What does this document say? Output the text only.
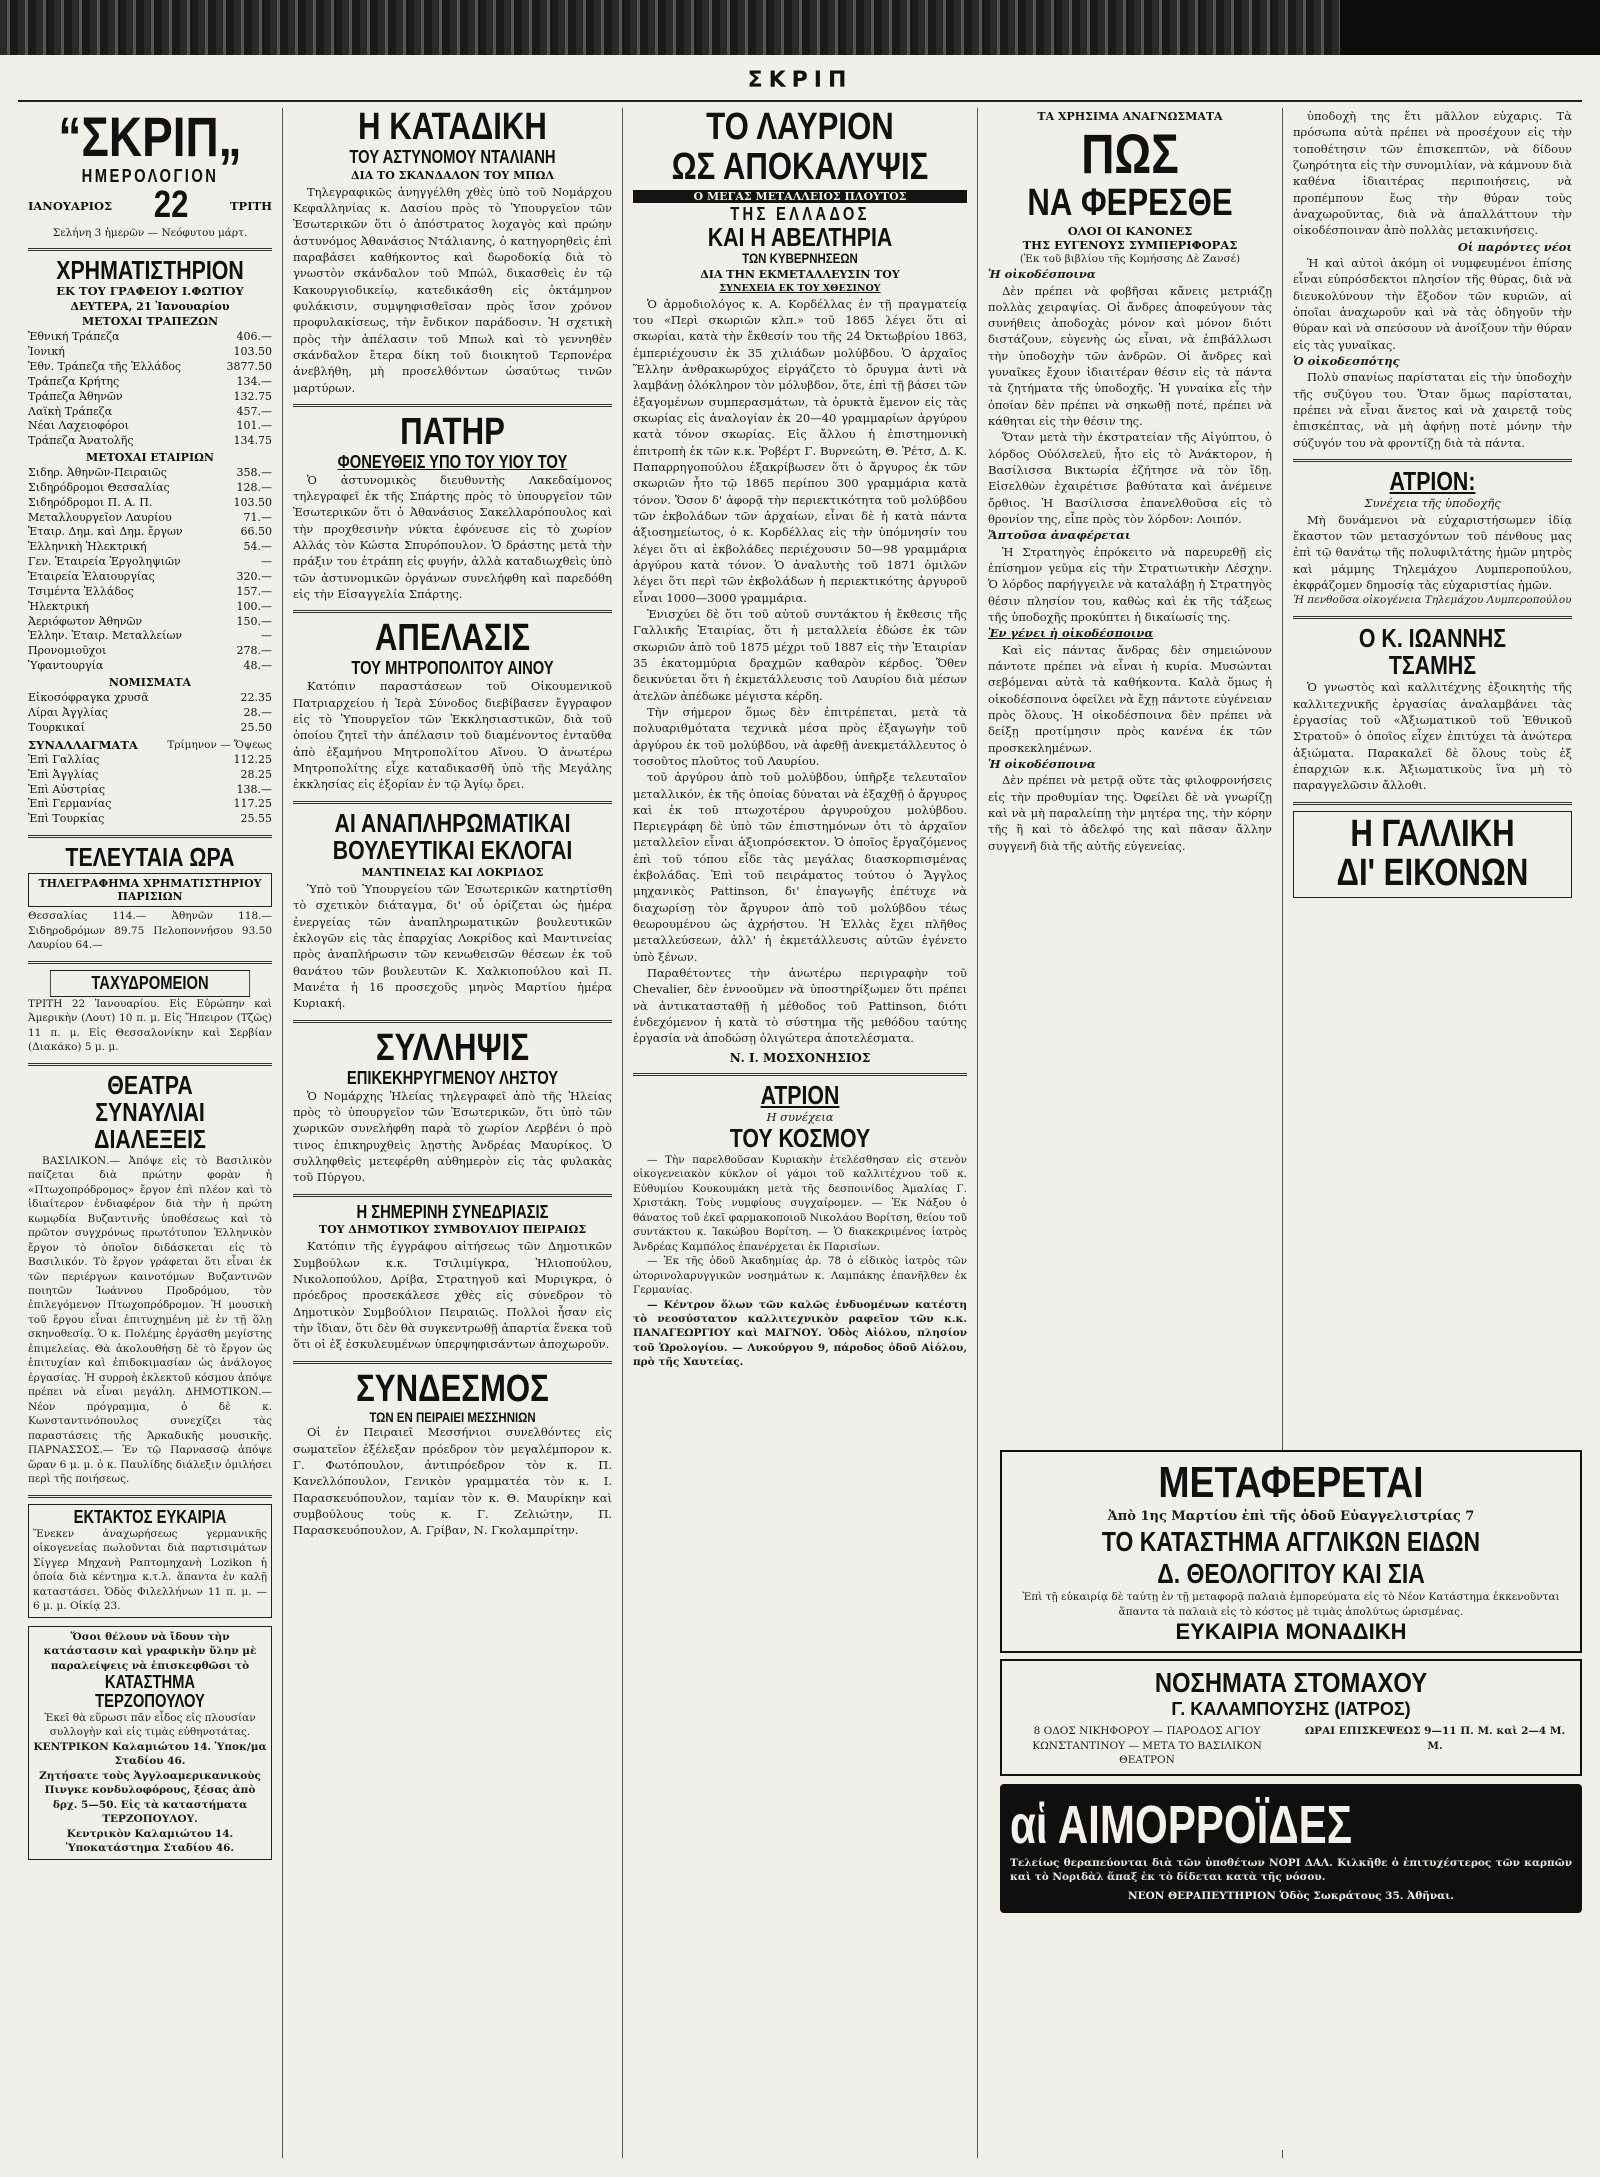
ΣΚΡΙΠ
“ΣΚΡΙΠ„
ΗΜΕΡΟΛΟΓΙΟΝ
ΙΑΝΟΥΑΡΙΟΣ 22	ΤΡΙΤΗ
Σελήνη 3 ἡμερῶν — Νεόφυτου μάρτ.
ΧΡΗΜΑΤΙΣΤΗΡΙΟΝ
ΕΚ ΤΟΥ ΓΡΑΦΕΙΟΥ Ι.ΦΩΤΙΟΥ
ΔΕΥΤΕΡΑ, 21 Ἰανουαρίου
ΜΕΤΟΧΑΙ ΤΡΑΠΕΖΩΝ
Ἐθνική Τράπεζα	406.—
Ἰονική	103.50
Ἐθν. Τράπεζα τῆς Ἑλλάδος	3877.50
Τράπεζα Κρήτης	134.—
Τράπεζα Ἀθηνῶν	132.75
Λαϊκὴ Τράπεζα	457.—
Νέαι Λαχειοφόροι	101.—
Τράπεζα Ἀνατολῆς	134.75
ΜΕΤΟΧΑΙ ΕΤΑΙΡΙΩΝ
Σιδηρ. Ἀθηνῶν-Πειραιῶς	358.—
Σιδηρόδρομοι Θεσσαλίας	128.—
Σιδηρόδρομοι Π. Α. Π.	103.50
Μεταλλουργεῖον Λαυρίου	71.—
Ἑταιρ. Δημ. καὶ Δημ. ἔργων	66.50
Ἑλληνικὴ Ἠλεκτρική	54.—
Γεν. Ἑταιρεία Ἐργοληψιῶν	—
Ἑταιρεία Ἐλαιουργίας	320.—
Τσιμέντα Ἑλλάδος	157.—
Ἠλεκτρική	100.—
Ἀεριόφωτον Ἀθηνῶν	150.—
Ἑλλην. Ἑταιρ. Μεταλλείων	—
Προνομιοῦχοι	278.—
Ὑφαντουργία	48.—
ΝΟΜΙΣΜΑΤΑ
Εἰκοσόφραγκα χρυσᾶ	22.35
Λίραι Ἀγγλίας	28.—
Τουρκικαί	25.50
ΣΥΝΑΛΛΑΓΜΑΤΑ	Τρίμηνον — Ὄψεως
Ἐπὶ Γαλλίας	112.25
Ἐπὶ Ἀγγλίας	28.25
Ἐπὶ Αὐστρίας	138.—
Ἐπὶ Γερμανίας	117.25
Ἐπὶ Τουρκίας	25.55
ΤΕΛΕΥΤΑΙΑ ΩΡΑ
ΤΗΛΕΓΡΑΦΗΜΑ ΧΡΗΜΑΤΙΣΤΗΡΙΟΥ ΠΑΡΙΣΙΩΝ
Θεσσαλίας 114.— Ἀθηνῶν 118.— Σιδηροδρόμων 89.75 Πελοποννήσου 93.50 Λαυρίου 64.—
ΤΑΧΥΔΡΟΜΕΙΟΝ
ΤΡΙΤΗ 22 Ἰανουαρίου. Εἰς Εὐρώπην καὶ Ἀμερικὴν (Λουτ) 10 π. μ. Εἰς Ἤπειρον (Τζῶς) 11 π. μ. Εἰς Θεσσαλονίκην καὶ Σερβίαν (Διακάκο) 5 μ. μ.
ΘΕΑΤΡΑ
ΣΥΝΑΥΛΙΑΙ
ΔΙΑΛΕΞΕΙΣ
ΒΑΣΙΛΙΚΟΝ.— Ἀπόψε εἰς τὸ Βασιλικὸν παίζεται διὰ πρώτην φορὰν ἡ «Πτωχοπρόδρομος» ἔργον ἐπὶ πλέον καὶ τὸ ἰδιαίτερον ἐνδιαφέρον διὰ τὴν ἡ πρώτη κωμῳδία Βυζαντινῆς ὑποθέσεως καὶ τὸ πρῶτον συγχρόνως πρωτότυπον Ἑλληνικὸν ἔργον τὸ ὁποῖον διδάσκεται εἰς τὸ Βασιλικόν. Τὸ ἔργον γράφεται ὅτι εἶναι ἐκ τῶν περιέργων καινοτόμων Βυζαντινῶν ποιητῶν Ἰωάννου Προδρόμου, τὸν ἐπιλεγόμενον Πτωχοπρόδρομον. Ἡ μουσικὴ τοῦ ἔργου εἶναι ἐπιτυχημένη μὲ ἐν τῇ ὅλῃ σκηνοθεσίᾳ. Ὁ κ. Πολέμης ἐργάσθη μεγίστης ἐπιμελείας. Θὰ ἀκολουθήσῃ δὲ τὸ ἔργον ὡς ἐπιτυχίαν καὶ ἐπιδοκιμασίαν ὡς ἀνάλογος ἐργασίας. Ἡ συρροὴ ἐκλεκτοῦ κόσμου ἀπόψε πρέπει νὰ εἶναι μεγάλη. ΔΗΜΟΤΙΚΟΝ.— Νέον πρόγραμμα, ὁ δὲ κ. Κωνσταντινόπουλος συνεχίζει τὰς παραστάσεις τῆς Ἀρκαδικῆς μουσικῆς. ΠΑΡΝΑΣΣΟΣ.— Ἐν τῷ Παρνασσῷ ἀπόψε ὥραν 6 μ. μ. ὁ κ. Παυλίδης διάλεξιν ὁμιλήσει περὶ τῆς ποιήσεως.
ΕΚΤΑΚΤΟΣ ΕΥΚΑΙΡΙΑ
Ἕνεκεν ἀναχωρήσεως γερμανικῆς οἰκογενείας πωλοῦνται διὰ παρτισιμάτων Σίγγερ Μηχανὴ Ραπτομηχανὴ Lozikon ἡ ὁποία διὰ κέντημα κ.τ.λ. ἅπαντα ἐν καλῇ καταστάσει. Ὁδὸς Φιλελλήνων 11 π. μ. — 6 μ. μ. Οἰκίᾳ 23.
Ὅσοι θέλουν νὰ ἴδουν τὴν κατάστασιν καὶ γραφικὴν ὕλην μὲ παραλείψεις νὰ ἐπισκεφθῶσι τὸ
ΚΑΤΑΣΤΗΜΑ ΤΕΡΖΟΠΟΥΛΟΥ
Ἐκεῖ θὰ εὕρωσι πᾶν εἶδος εἰς πλουσίαν συλλογὴν καὶ εἰς τιμὰς εὐθηνοτάτας.
ΚΕΝΤΡΙΚΟΝ Καλαμιώτου 14. Ὑποκ/μα Σταδίου 46.
Ζητήσατε τοὺς Ἀγγλοαμερικανικοὺς Πινγκε κονδυλοφόρους, ξέσας ἀπὸ δρχ. 5—50. Εἰς τὰ καταστήματα ΤΕΡΖΟΠΟΥΛΟΥ.
Κεντρικὸν Καλαμιώτου 14. Ὑποκατάστημα Σταδίου 46.
Η ΚΑΤΑΔΙΚΗ
ΤΟΥ ΑΣΤΥΝΟΜΟΥ ΝΤΑΛΙΑΝΗ
ΔΙΑ ΤΟ ΣΚΑΝΔΑΛΟΝ ΤΟΥ ΜΠΩΛ
Τηλεγραφικῶς ἀνηγγέλθη χθὲς ὑπὸ τοῦ Νομάρχου Κεφαλληνίας κ. Δασίου πρὸς τὸ Ὑπουργεῖον τῶν Ἐσωτερικῶν ὅτι ὁ ἀπόστρατος λοχαγὸς καὶ πρώην ἀστυνόμος Ἀθανάσιος Ντάλιανης, ὁ κατηγορηθεὶς ἐπὶ παραβάσει καθήκοντος καὶ δωροδοκίᾳ διὰ τὸ γνωστὸν σκάνδαλον τοῦ Μπώλ, δικασθεὶς ἐν τῷ Κακουργιοδικείῳ, κατεδικάσθη εἰς ὀκτάμηνον φυλάκισιν, συμψηφισθεῖσαν πρὸς ἴσον χρόνον προφυλακίσεως, τὴν ἔνδικον παράδοσιν. Ἡ σχετικὴ πρὸς τὴν ἀπέλασιν τοῦ Μπωλ καὶ τὸ γεννηθὲν σκάνδαλον ἔτερα δίκη τοῦ διοικητοῦ Τερπονέρα ἀνεβλήθη, μὴ προσελθόντων ὡσαύτως τινῶν μαρτύρων.
ΠΑΤΗΡ
ΦΟΝΕΥΘΕΙΣ ΥΠΟ ΤΟΥ ΥΙΟΥ ΤΟΥ
Ὁ ἀστυνομικὸς διευθυντὴς Λακεδαίμονος τηλεγραφεῖ ἐκ τῆς Σπάρτης πρὸς τὸ ὑπουργεῖον τῶν Ἐσωτερικῶν ὅτι ὁ Ἀθανάσιος Σακελλαρόπουλος καὶ τὴν προχθεσινὴν νύκτα ἐφόνευσε εἰς τὸ χωρίον Αλλάς τὸν Κώστα Σπυρόπουλον. Ὁ δράστης μετὰ τὴν πράξιν του ἐτράπη εἰς φυγήν, ἀλλὰ καταδιωχθεὶς ὑπὸ τῶν ἀστυνομικῶν ὀργάνων συνελήφθη καὶ παρεδόθη εἰς τὴν Εἰσαγγελία Σπάρτης.
ΑΠΕΛΑΣΙΣ
ΤΟΥ ΜΗΤΡΟΠΟΛΙΤΟΥ ΑΙΝΟΥ
Κατόπιν παραστάσεων τοῦ Οἰκουμενικοῦ Πατριαρχείου ἡ Ἱερὰ Σύνοδος διεβίβασεν ἔγγραφον εἰς τὸ Ὑπουργεῖον τῶν Ἐκκλησιαστικῶν, διὰ τοῦ ὁποίου ζητεῖ τὴν ἀπέλασιν τοῦ διαμένοντος ἐνταῦθα ἀπὸ ἐξαμήνου Μητροπολίτου Αἴνου. Ὁ ἀνωτέρω Μητροπολίτης εἶχε καταδικασθῆ ὑπὸ τῆς Μεγάλης ἐκκλησίας εἰς ἐξορίαν ἐν τῷ Ἁγίῳ ὄρει.
ΑΙ ΑΝΑΠΛΗΡΩΜΑΤΙΚΑΙ
ΒΟΥΛΕΥΤΙΚΑΙ ΕΚΛΟΓΑΙ
ΜΑΝΤΙΝΕΙΑΣ ΚΑΙ ΛΟΚΡΙΔΟΣ
Ὑπὸ τοῦ Ὑπουργείου τῶν Ἐσωτερικῶν κατηρτίσθη τὸ σχετικὸν διάταγμα, δι' οὗ ὁρίζεται ὡς ἡμέρα ἐνεργείας τῶν ἀναπληρωματικῶν βουλευτικῶν ἐκλογῶν εἰς τὰς ἐπαρχίας Λοκρίδος καὶ Μαντινείας πρὸς ἀναπλήρωσιν τῶν κενωθεισῶν θέσεων ἐκ τοῦ θανάτου τῶν βουλευτῶν Κ. Χαλκιοπούλου καὶ Π. Μανέτα ἡ 16 προσεχοῦς μηνὸς Μαρτίου ἡμέρα Κυριακή.
ΣΥΛΛΗΨΙΣ
ΕΠΙΚΕΚΗΡΥΓΜΕΝΟΥ ΛΗΣΤΟΥ
Ὁ Νομάρχης Ἠλείας τηλεγραφεῖ ἀπὸ τῆς Ἠλείας πρὸς τὸ ὑπουργεῖον τῶν Ἐσωτερικῶν, ὅτι ὑπὸ τῶν χωρικῶν συνελήφθη παρὰ τὸ χωρίον Λερβένι ὁ πρὸ τινος ἐπικηρυχθεὶς λῃστὴς Ἀνδρέας Μαυρίκος. Ὁ συλληφθεὶς μετεφέρθη αὐθημερὸν εἰς τὰς φυλακὰς τοῦ Πύργου.
Η ΣΗΜΕΡΙΝΗ ΣΥΝΕΔΡΙΑΣΙΣ
ΤΟΥ ΔΗΜΟΤΙΚΟΥ ΣΥΜΒΟΥΛΙΟΥ ΠΕΙΡΑΙΩΣ
Κατόπιν τῆς ἐγγράφου αἰτήσεως τῶν Δημοτικῶν Συμβούλων κ.κ. Τσιλιμίγκρα, Ἠλιοπούλου, Νικολοπούλου, Δρίβα, Στρατηγοῦ καὶ Μυριγκρα, ὁ πρόεδρος προσεκάλεσε χθὲς εἰς σύνεδρον τὸ Δημοτικὸν Συμβούλιον Πειραιῶς. Πολλοὶ ἦσαν εἰς τὴν ἴδιαν, ὅτι δὲν θὰ συγκεντρωθῇ ἀπαρτία ἕνεκα τοῦ ὅτι οἱ ἐξ ἐσκυλευμένων ὑπερψηφισάντων ἀποχωροῦν.
ΣΥΝΔΕΣΜΟΣ
ΤΩΝ ΕΝ ΠΕΙΡΑΙΕΙ ΜΕΣΣΗΝΙΩΝ
Οἱ ἐν Πειραιεῖ Μεσσήνιοι συνελθόντες εἰς σωματεῖον ἐξέλεξαν πρόεδρον τὸν μεγαλέμπορον κ. Γ. Φωτόπουλον, ἀντιπρόεδρον τὸν κ. Π. Κανελλόπουλον, Γενικὸν γραμματέα τὸν κ. Ι. Παρασκευόπουλον, ταμίαν τὸν κ. Θ. Μαυρίκην καὶ συμβούλους τοὺς κ. Γ. Ζελιώτην, Π. Παρασκευόπουλον, Α. Γρίβαν, Ν. Γκολαμπρίτην.
ΤΟ ΛΑΥΡΙΟΝ
ΩΣ ΑΠΟΚΑΛΥΨΙΣ
Ο ΜΕΓΑΣ ΜΕΤΑΛΛΕΙΟΣ ΠΛΟΥΤΟΣ
ΤΗΣ ΕΛΛΑΔΟΣ
ΚΑΙ Η ΑΒΕΛΤΗΡΙΑ
ΤΩΝ ΚΥΒΕΡΝΗΣΕΩΝ
ΔΙΑ ΤΗΝ ΕΚΜΕΤΑΛΛΕΥΣΙΝ ΤΟΥ
ΣΥΝΕΧΕΙΑ ΕΚ ΤΟΥ ΧΘΕΣΙΝΟΥ
Ὁ ἀρμοδιολόγος κ. Α. Κορδέλλας ἐν τῇ πραγματείᾳ του «Περὶ σκωριῶν κλπ.» τοῦ 1865 λέγει ὅτι αἱ σκωρίαι, κατὰ τὴν ἔκθεσίν του τῆς 24 Ὀκτωβρίου 1863, ἐμπεριέχουσιν ἐκ 35 χιλιάδων μολύβδου. Ὁ ἀρχαῖος Ἕλλην ἀνθρακωρύχος εἰργάζετο τὸ ὄρυγμα ἀντὶ νὰ λαμβάνῃ ὁλόκληρον τὸν μόλυβδον, ὅτε, ἐπὶ τῇ βάσει τῶν ἐξαγομένων συμπερασμάτων, τὰ ὀρυκτὰ ἔμενον εἰς τὰς σκωρίας εἰς ἀναλογίαν ἐκ 20—40 γραμμαρίων ἀργύρου κατὰ τόνον σκωρίας. Εἰς ἄλλου ἡ ἐπιστημονικὴ ἐπιτροπὴ ἐκ τῶν κ.κ. Ῥοβέρτ Γ. Βυρνεώτη, Θ. Ῥέτσ, Δ. Κ. Παπαρρηγοπούλου ἐξακρίβωσεν ὅτι ὁ ἄργυρος ἐκ τῶν σκωριῶν ἦτο τῷ 1865 περίπου 300 γραμμάρια κατὰ τόνον. Ὅσον δ' ἀφορᾷ τὴν περιεκτικότητα τοῦ μολύβδου τῶν ἐκβολάδων τῶν ἀρχαίων, εἶναι δὲ ἡ κατὰ πάντα ἀξιοσημείωτος, ὁ κ. Κορδέλλας εἰς τὴν ὑπόμνησίν του λέγει ὅτι αἱ ἐκβολάδες περιέχουσιν 50—98 γραμμάρια ἀργύρου κατὰ τόνον. Ὁ ἀναλυτὴς τοῦ 1871 ὁμιλῶν λέγει ὅτι περὶ τῶν ἐκβολάδων ἡ περιεκτικότης ἀργυροῦ εἶναι 1000—3000 γραμμάρια.
Ἐνισχύει δὲ ὅτι τοῦ αὐτοῦ συντάκτου ἡ ἔκθεσις τῆς Γαλλικῆς Ἑταιρίας, ὅτι ἡ μεταλλεία ἐδώσε ἐκ τῶν σκωριῶν ἀπὸ τοῦ 1875 μέχρι τοῦ 1887 εἰς τὴν Ἑταιρίαν 35 ἑκατομμύρια δραχμῶν καθαρὸν κέρδος. Ὅθεν δεικνύεται ὅτι ἡ ἐκμετάλλευσις τοῦ Λαυρίου διὰ μέσων ἀτελῶν ἀπέδωκε μέγιστα κέρδη.
Τὴν σήμερον ὅμως δὲν ἐπιτρέπεται, μετὰ τὰ πολυαριθμότατα τεχνικὰ μέσα πρὸς ἐξαγωγὴν τοῦ ἀργύρου ἐκ τοῦ μολύβδου, νὰ ἀφεθῇ ἀνεκμετάλλευτος ὁ τοσοῦτος πλοῦτος τοῦ Λαυρίου.
τοῦ ἀργύρου ἀπὸ τοῦ μολύβδου, ὑπῆρξε τελευταῖον μεταλλικόν, ἐκ τῆς ὁποίας δύναται νὰ ἐξαχθῇ ὁ ἄργυρος καὶ ἐκ τοῦ πτωχοτέρου ἀργυρούχου μολύβδου. Περιεγράφη δὲ ὑπὸ τῶν ἐπιστημόνων ὁτι τὸ ἀρχαῖον μεταλλεῖον εἶναι ἀξιοπρόσεκτον. Ὁ ὁποῖος ἔργαζόμενος ἐπὶ τοῦ τόπου εἶδε τὰς μεγάλας διασκορπισμένας ἐκβολάδας. Ἐπὶ τοῦ πειράματος τούτου ὁ Ἄγγλος μηχανικὸς Pattinson, δι' ἐπαγωγῆς ἐπέτυχε νὰ διαχωρίσῃ τὸν ἄργυρον ἀπὸ τοῦ μολύβδου τέως θεωρουμένου ὡς ἀχρήστου. Ἡ Ἑλλὰς ἔχει πλῆθος μεταλλεύσεων, ἀλλ' ἡ ἐκμετάλλευσις αὐτῶν ἐγένετο ὑπὸ ξένων.
Παραθέτοντες τὴν ἀνωτέρω περιγραφὴν τοῦ Chevalier, δὲν ἐννοοῦμεν νὰ ὑποστηρίξωμεν ὅτι πρέπει νὰ ἀντικατασταθῇ ἡ μέθοδος τοῦ Pattinson, διότι ἐνδεχόμενον ἡ κατὰ τὸ σύστημα τῆς μεθόδου ταύτης ἐργασία νὰ ἀποδώσῃ ὀλιγώτερα ἀποτελέσματα.
Ν. Ι. ΜΟΣΧΟΝΗΣΙΟΣ
ΑΤΡΙΟΝ
Η συνέχεια
ΤΟΥ ΚΟΣΜΟΥ
— Τὴν παρελθοῦσαν Κυριακὴν ἐτελέσθησαν εἰς στενὸν οἰκογενειακὸν κύκλον οἱ γάμοι τοῦ καλλιτέχνου τοῦ κ. Εὐθυμίου Κουκουμάκη μετὰ τῆς δεσποινίδος Ἀμαλίας Γ. Χριστάκη. Τοὺς νυμφίους συγχαίρομεν. — Ἐκ Νάξου ὁ θάνατος τοῦ ἐκεῖ φαρμακοποιοῦ Νικολάου Βορίτση, θείου τοῦ συντάκτου κ. Ἰακώβου Βορίτση. — Ὁ διακεκριμένος ἰατρὸς Ἀνδρέας Καμπόλος ἐπανέρχεται ἐκ Παρισίων.
— Ἐκ τῆς ὁδοῦ Ἀκαδημίας ἀρ. 78 ὁ εἰδικὸς ἰατρὸς τῶν ὠτορινολαρυγγικῶν νοσημάτων κ. Λαμπάκης ἐπανῆλθεν ἐκ Γερμανίας.
— Κέντρον ὅλων τῶν καλῶς ἐνδυομένων κατέστη τὸ νεοσύστατον καλλιτεχνικὸν ραφεῖον τῶν κ.κ. ΠΑΝΑΓΕΩΡΓΙΟΥ καὶ ΜΑΓΝΟΥ. Ὁδὸς Αἰόλου, πλησίον τοῦ Ὡρολογίου. — Λυκούργου 9, πάροδος ὁδοῦ Αἰόλου, πρὸ τῆς Χαυτείας.
ΤΑ ΧΡΗΣΙΜΑ ΑΝΑΓΝΩΣΜΑΤΑ
ΠΩΣ
ΝΑ ΦΕΡΕΣΘΕ
ΟΛΟΙ ΟΙ ΚΑΝΟΝΕΣ
ΤΗΣ ΕΥΓΕΝΟΥΣ ΣΥΜΠΕΡΙΦΟΡΑΣ
(Ἐκ τοῦ βιβλίου τῆς Κομήσσης Δὲ Ζανσέ)
Ἡ οἰκοδέσποινα
Δὲν πρέπει νὰ φοβῆσαι κἄνεις μετριάζῃ πολλὰς χειραψίας. Οἱ ἄνδρες ἀποφεύγουν τὰς συνήθεις ἀποδοχὰς μόνον καὶ μόνον διότι διστάζουν, εὐγενὴς ὡς εἶναι, νὰ ἐπιβάλλωσι τὴν ὑποδοχὴν τῶν ἀνδρῶν. Οἱ ἄνδρες καὶ γυναῖκες ἔχουν ἰδιαιτέραν θέσιν εἰς τὰ πάντα τὰ ζητήματα τῆς ὑποδοχῆς. Ἡ γυναίκα εἶς τὴν ὁποίαν δὲν πρέπει νὰ σηκωθῇ ποτέ, πρέπει νὰ κάθηται εἰς τὴν θέσιν της.
Ὅταν μετὰ τὴν ἐκστρατείαν τῆς Αἰγύπτου, ὁ λόρδος Οὐόλσελεϋ, ἦτο εἰς τὸ Ἀνάκτορον, ἡ Βασίλισσα Βικτωρία ἐζήτησε νὰ τὸν ἴδῃ. Εἰσελθὼν ἐχαιρέτισε βαθύτατα καὶ ἀνέμεινε ὄρθιος. Ἡ Βασίλισσα ἐπανελθοῦσα εἰς τὸ θρονίον της, εἶπε πρὸς τὸν λόρδον: Λοιπόν.
Ἄπτοῦσα ἀναφέρεται
Ἡ Στρατηγὸς ἐπρόκειτο νὰ παρευρεθῇ εἰς ἐπίσημον γεῦμα εἰς τὴν Στρατιωτικὴν Λέσχην. Ὁ λόρδος παρήγγειλε νὰ καταλάβῃ ἡ Στρατηγὸς θέσιν πλησίον του, καθὼς καὶ ἐκ τῆς τάξεως τῆς ὑποδοχῆς προκύπτει ἡ δικαίωσίς της.
Ἐν γένει ἡ οἰκοδέσποινα
Καὶ εἰς πάντας ἄνδρας δὲν σημειώνουν πάντοτε πρέπει νὰ εἶναι ἡ κυρία. Μυσώνται σεβόμεναι αὐτὰ τὰ καθήκοντα. Καλὰ ὅμως ἡ οἰκοδέσποινα ὀφείλει νὰ ἔχῃ πάντοτε εὐγένειαν πρὸς ὅλους. Ἡ οἰκοδέσποινα δὲν πρέπει νὰ δείξῃ προτίμησιν πρὸς κανένα ἐκ τῶν προσκεκλημένων.
Ἡ οἰκοδέσποινα
Δὲν πρέπει νὰ μετρᾷ οὔτε τὰς φιλοφρονήσεις εἰς τὴν προθυμίαν της. Ὀφείλει δὲ νὰ γνωρίζῃ καὶ νὰ μὴ παραλείπῃ τὴν μητέρα της, τὴν κόρην τῆς ἢ καὶ τὸ ἀδελφό της καὶ πᾶσαν ἄλλην συγγενῆ διὰ τῆς αὐτῆς εὐγενείας.
ὑποδοχὴ της ἔτι μᾶλλον εὐχαρις. Τὰ πρόσωπα αὐτὰ πρέπει νὰ προσέχουν εἰς τὴν τοποθέτησιν τῶν ἐπισκεπτῶν, νὰ δίδουν ζωηρότητα εἰς τὴν συνομιλίαν, νὰ κάμνουν διὰ καθένα ἰδιαιτέρας περιποιήσεις, νὰ προπέμπουν ἕως τὴν θύραν τοὺς ἀναχωροῦντας, διὰ νὰ ἀπαλλάττουν τὴν οἰκοδέσποιναν ἀπὸ πολλὰς μετακινήσεις.
Οἱ παρόντες νέοι
Ἡ καὶ αὐτοὶ ἀκόμη οἱ νυμφευμένοι ἐπίσης εἶναι εὐπρόσδεκτοι πλησίον τῆς θύρας, διὰ νὰ διευκολύνουν τὴν ἔξοδον τῶν κυριῶν, αἱ ὁποῖαι ἀναχωροῦν καὶ νὰ τὰς ὁδηγοῦν τὴν θύραν καὶ νὰ σπεύσουν νὰ ἀνοίξουν τὴν θύραν εἰς τὰς γυναῖκας.
Ὁ οἰκοδεσπότης
Πολὺ σπανίως παρίσταται εἰς τὴν ὑποδοχὴν τῆς συζύγου του. Ὅταν ὅμως παρίσταται, πρέπει νὰ εἶναι ἄνετος καὶ νὰ χαιρετᾷ τοὺς ἐπισκέπτας, νὰ μὴ ἀφήνῃ ποτὲ μόνην τὴν σύζυγόν του νὰ φροντίζῃ διὰ τὰ πάντα.
ΑΤΡΙΟΝ:
Συνέχεια τῆς ὑποδοχῆς
Μὴ δυνάμενοι νὰ εὐχαριστήσωμεν ἰδίᾳ ἕκαστον τῶν μετασχόντων τοῦ πένθους μας ἐπὶ τῷ θανάτῳ τῆς πολυφιλτάτης ἡμῶν μητρὸς καὶ μάμμης Τηλεμάχου Λυμπεροπούλου, ἐκφράζομεν δημοσίᾳ τὰς εὐχαριστίας ἡμῶν.
Ἡ πενθοῦσα οἰκογένεια Τηλεμάχου Λυμπεροπούλου
Ο Κ. ΙΩΑΝΝΗΣ ΤΣΑΜΗΣ
Ὁ γνωστὸς καὶ καλλιτέχνης ἐξοικητὴς τῆς καλλιτεχνικῆς ἐργασίας ἀναλαμβάνει τὰς ἐργασίας τοῦ «Ἀξιωματικοῦ τοῦ Ἐθνικοῦ Στρατοῦ» ὁ ὁποῖος εἶχεν ἐπιτύχει τὰ ἀνώτερα ἀξιώματα. Παρακαλεῖ δὲ ὅλους τοὺς ἐξ ἐπαρχιῶν κ.κ. Ἀξιωματικοὺς ἵνα μὴ τὸ παραγγελῶσιν ἄλλοθι.
Η ΓΑΛΛΙΚΗ
ΔΙ' ΕΙΚΟΝΩΝ
ΜΕΤΑΦΕΡΕΤΑΙ
Ἀπὸ 1ης Μαρτίου ἐπὶ τῆς ὁδοῦ Εὐαγγελιστρίας 7
ΤΟ ΚΑΤΑΣΤΗΜΑ ΑΓΓΛΙΚΩΝ ΕΙΔΩΝ
Δ. ΘΕΟΛΟΓΙΤΟΥ ΚΑΙ ΣΙΑ
Ἐπὶ τῇ εὐκαιρίᾳ δὲ ταύτῃ ἐν τῇ μεταφορᾷ παλαιὰ ἐμπορεύματα εἰς τὸ Νέον Κατάστημα ἐκκενοῦνται ἅπαντα τὰ παλαιὰ εἰς τὸ κόστος μὲ τιμὰς ἀπολύτως ὡρισμένας.
ΕΥΚΑΙΡΙΑ ΜΟΝΑΔΙΚΗ
ΝΟΣΗΜΑΤΑ ΣΤΟΜΑΧΟΥ
Γ. ΚΑΛΑΜΠΟΥΣΗΣ (ΙΑΤΡΟΣ)
8 ΟΔΟΣ ΝΙΚΗΦΟΡΟΥ — ΠΑΡΟΔΟΣ ΑΓΙΟΥ ΚΩΝΣΤΑΝΤΙΝΟΥ — ΜΕΤΑ ΤΟ ΒΑΣΙΛΙΚΟΝ ΘΕΑΤΡΟΝ
ΩΡΑΙ ΕΠΙΣΚΕΨΕΩΣ 9—11 Π. Μ. καὶ 2—4 Μ. Μ.
αἱ ΑΙΜΟΡΡΟΪΔΕΣ
Τελείως θεραπεύονται διὰ τῶν ὑποθέτων ΝΟΡΙ ΔΑΛ. Κιλκῆθε ὁ ἐπιτυχέστερος τῶν καρπῶν καὶ τὸ Νοριδὰλ ἅπαξ ἐκ τὸ δίδεται κατὰ τῆς νόσου.
ΝΕΟΝ ΘΕΡΑΠΕΥΤΗΡΙΟΝ Ὁδὸς Σωκράτους 35. Ἀθῆναι.
